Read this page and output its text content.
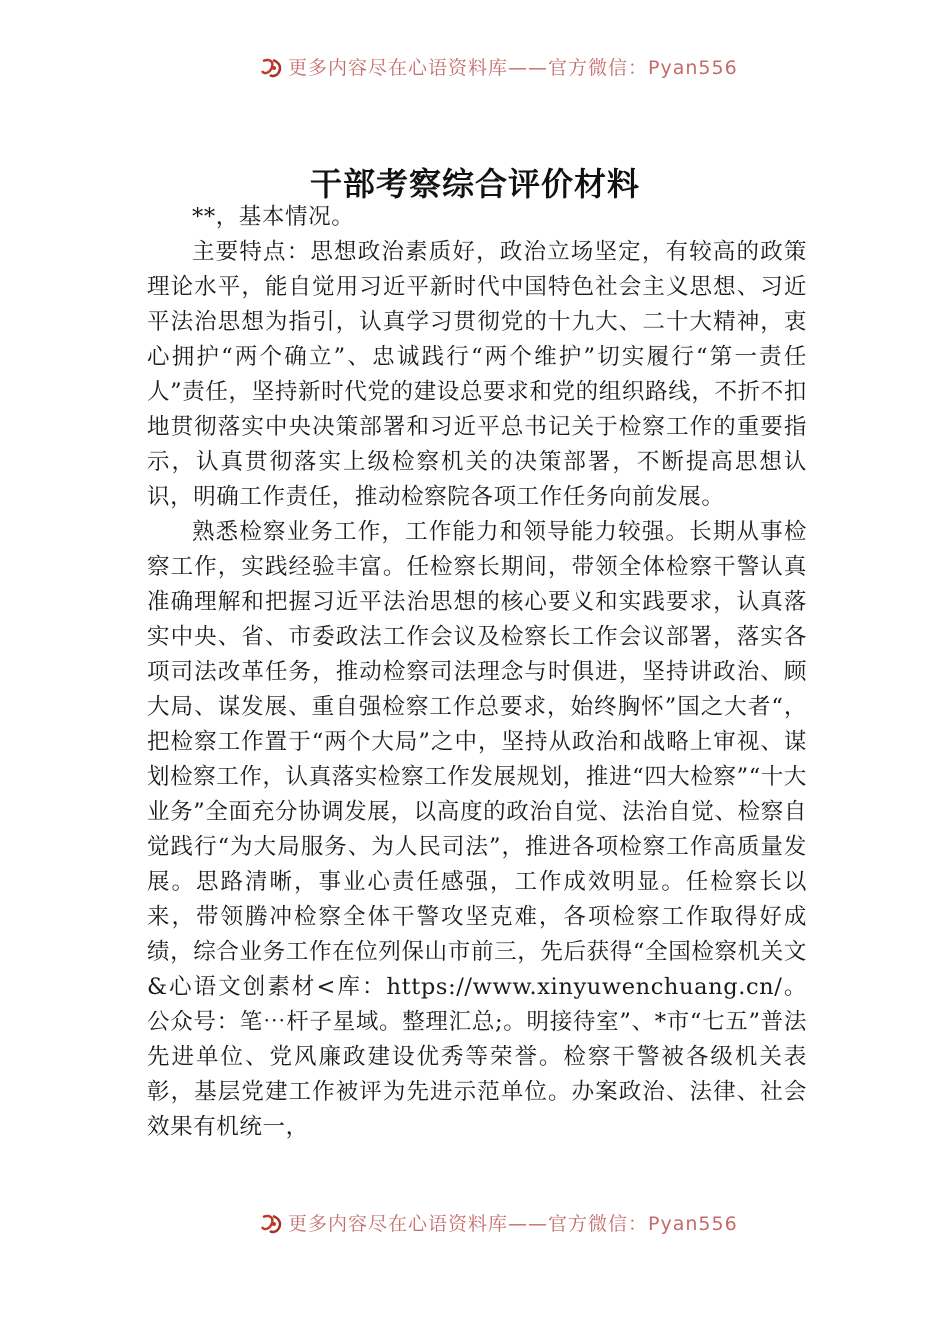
更多内容尽在心语资料库——官方微信：Pyan556
干部考察综合评价材料

**，基本情况。

主要特点：思想政治素质好，政治立场坚定，有较高的政策理论水平，能自觉用习近平新时代中国特色社会主义思想、习近平法治思想为指引，认真学习贯彻党的十九大、二十大精神，衷心拥护“两个确立”、忠诚践行“两个维护”切实履行“第一责任人”责任，坚持新时代党的建设总要求和党的组织路线，不折不扣地贯彻落实中央决策部署和习近平总书记关于检察工作的重要指示，认真贯彻落实上级检察机关的决策部署，不断提高思想认识，明确工作责任，推动检察院各项工作任务向前发展。

熟悉检察业务工作，工作能力和领导能力较强。长期从事检察工作，实践经验丰富。任检察长期间，带领全体检察干警认真准确理解和把握习近平法治思想的核心要义和实践要求，认真落实中央、省、市委政法工作会议及检察长工作会议部署，落实各项司法改革任务，推动检察司法理念与时俱进，坚持讲政治、顾大局、谋发展、重自强检察工作总要求，始终胸怀”国之大者“，把检察工作置于“两个大局”之中，坚持从政治和战略上审视、谋划检察工作，认真落实检察工作发展规划，推进“四大检察”“十大业务”全面充分协调发展，以高度的政治自觉、法治自觉、检察自觉践行“为大局服务、为人民司法”，推进各项检察工作高质量发展。思路清晰，事业心责任感强，工作成效明显。任检察长以来，带领腾冲检察全体干警攻坚克难，各项检察工作取得好成绩，综合业务工作在位列保山市前三，先后获得“全国检察机关文&心语文创素材<库：https://www.xinyuwenchuang.cn/。公众号：笔⋯杆子星域。整理汇总;。明接待室”、*市“七五”普法先进单位、党风廉政建设优秀等荣誉。检察干警被各级机关表彰，基层党建工作被评为先进示范单位。办案政治、法律、社会效果有机统一，

更多内容尽在心语资料库——官方微信：Pyan556
